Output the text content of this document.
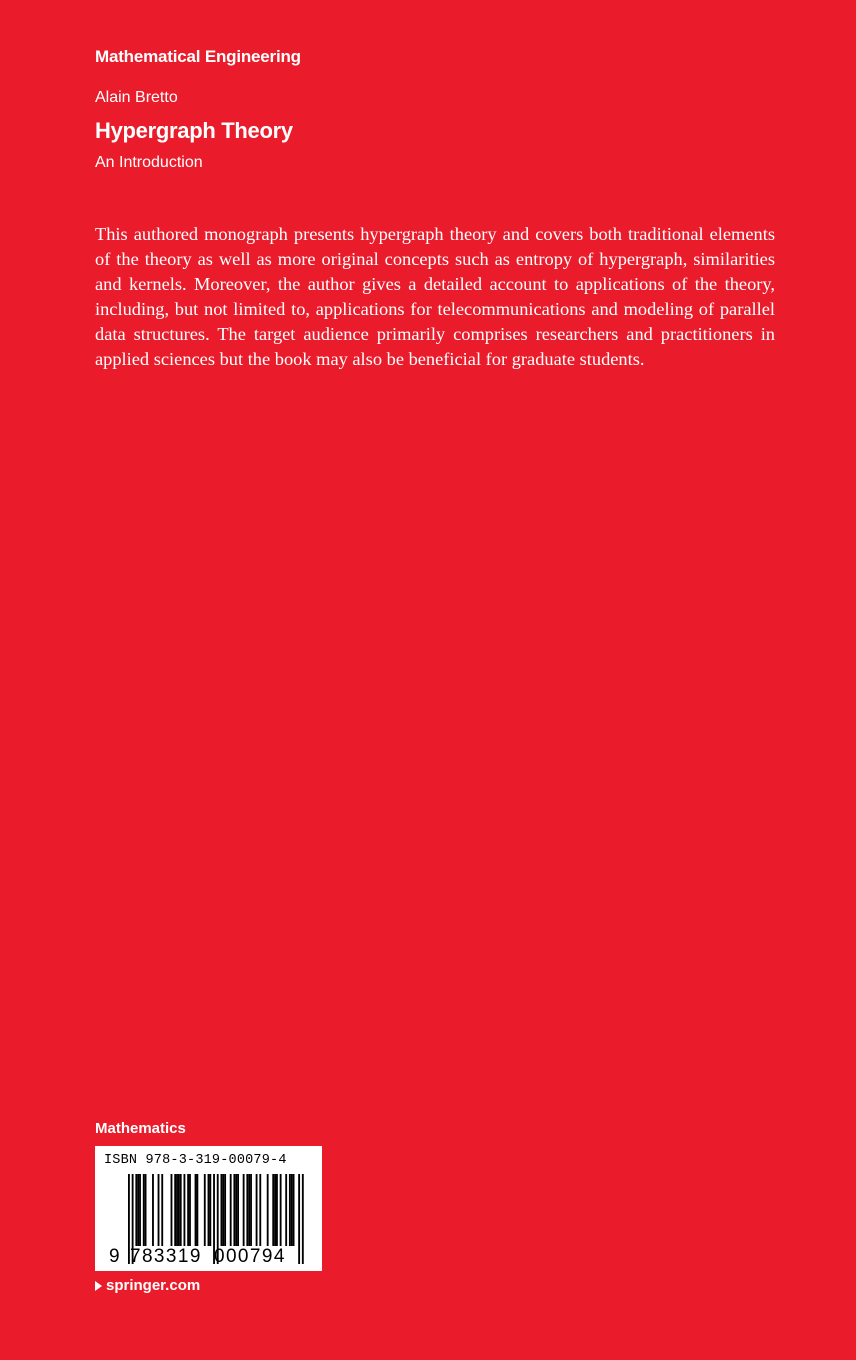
Mathematical Engineering
Alain Bretto
Hypergraph Theory
An Introduction

This authored monograph presents hypergraph theory and covers both traditional elements of the theory as well as more original concepts such as entropy of hypergraph, similarities and kernels. Moreover, the author gives a detailed account to applications of the theory, including, but not limited to, applications for telecommunications and modeling of parallel data structures. The target audience primarily comprises researchers and practitioners in applied sciences but the book may also be beneficial for graduate students.

Mathematics
ISBN 978-3-319-00079-4
9 783319 000794
springer.com
